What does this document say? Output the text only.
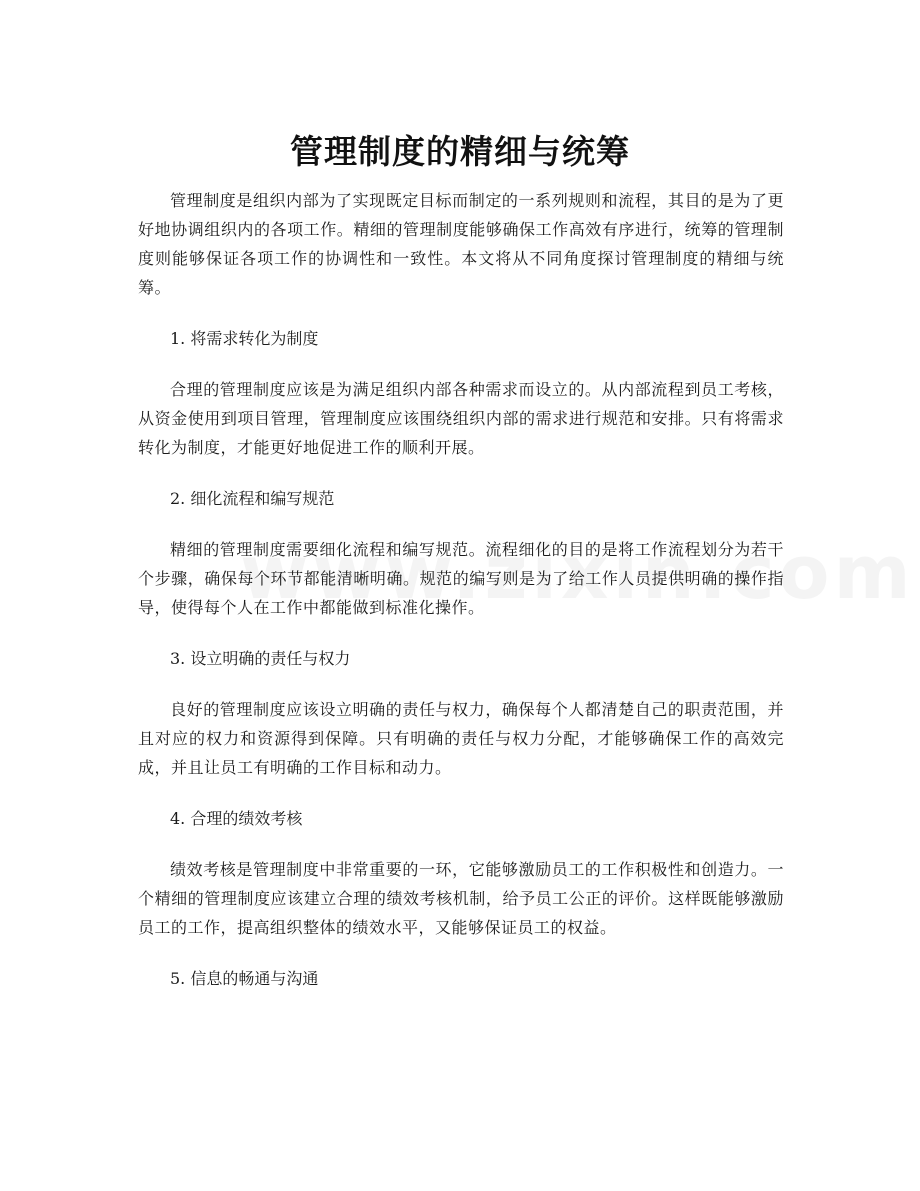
管理制度的精细与统筹

管理制度是组织内部为了实现既定目标而制定的一系列规则和流程，其目的是为了更好地协调组织内的各项工作。精细的管理制度能够确保工作高效有序进行，统筹的管理制度则能够保证各项工作的协调性和一致性。本文将从不同角度探讨管理制度的精细与统筹。

1. 将需求转化为制度

合理的管理制度应该是为满足组织内部各种需求而设立的。从内部流程到员工考核，从资金使用到项目管理，管理制度应该围绕组织内部的需求进行规范和安排。只有将需求转化为制度，才能更好地促进工作的顺利开展。

2. 细化流程和编写规范

精细的管理制度需要细化流程和编写规范。流程细化的目的是将工作流程划分为若干个步骤，确保每个环节都能清晰明确。规范的编写则是为了给工作人员提供明确的操作指导，使得每个人在工作中都能做到标准化操作。

3. 设立明确的责任与权力

良好的管理制度应该设立明确的责任与权力，确保每个人都清楚自己的职责范围，并且对应的权力和资源得到保障。只有明确的责任与权力分配，才能够确保工作的高效完成，并且让员工有明确的工作目标和动力。

4. 合理的绩效考核

绩效考核是管理制度中非常重要的一环，它能够激励员工的工作积极性和创造力。一个精细的管理制度应该建立合理的绩效考核机制，给予员工公正的评价。这样既能够激励员工的工作，提高组织整体的绩效水平，又能够保证员工的权益。

5. 信息的畅通与沟通
